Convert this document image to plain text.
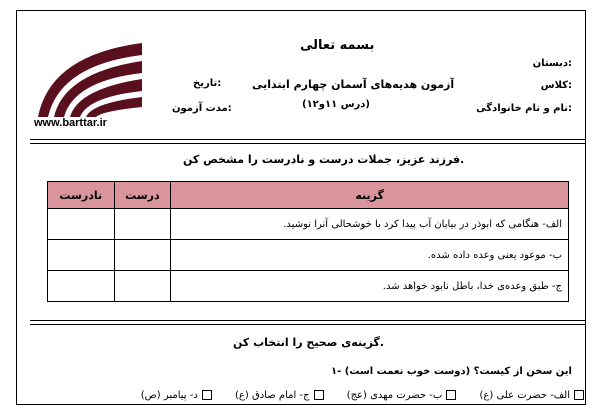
www.barttar.ir
بسمه تعالی
دبستان:
کلاس:
نام و نام خانوادگی:
آزمون هدیه‌های آسمان چهارم ابتدایی
(درس ۱۱و۱۲)
تاریخ:
مدت آزمون:
فرزند عزیز، جملات درست و نادرست را مشخص کن.
گزینه	درست	نادرست
الف- هنگامی که ابوذر در بیابان آب پیدا کرد با خوشحالی آنرا نوشید.		
ب- موعود یعنی وعده داده شده.		
ج- طبق وعده‌ی خدا، باطل نابود خواهد شد.		
گزینه‌ی صحیح را انتخاب کن.
۱- این سخن از کیست؟ (دوست خوب نعمت است)
الف- حضرت علی (ع) ب- حضرت مهدی (عج) ج- امام صادق (ع) د- پیامبر (ص)
